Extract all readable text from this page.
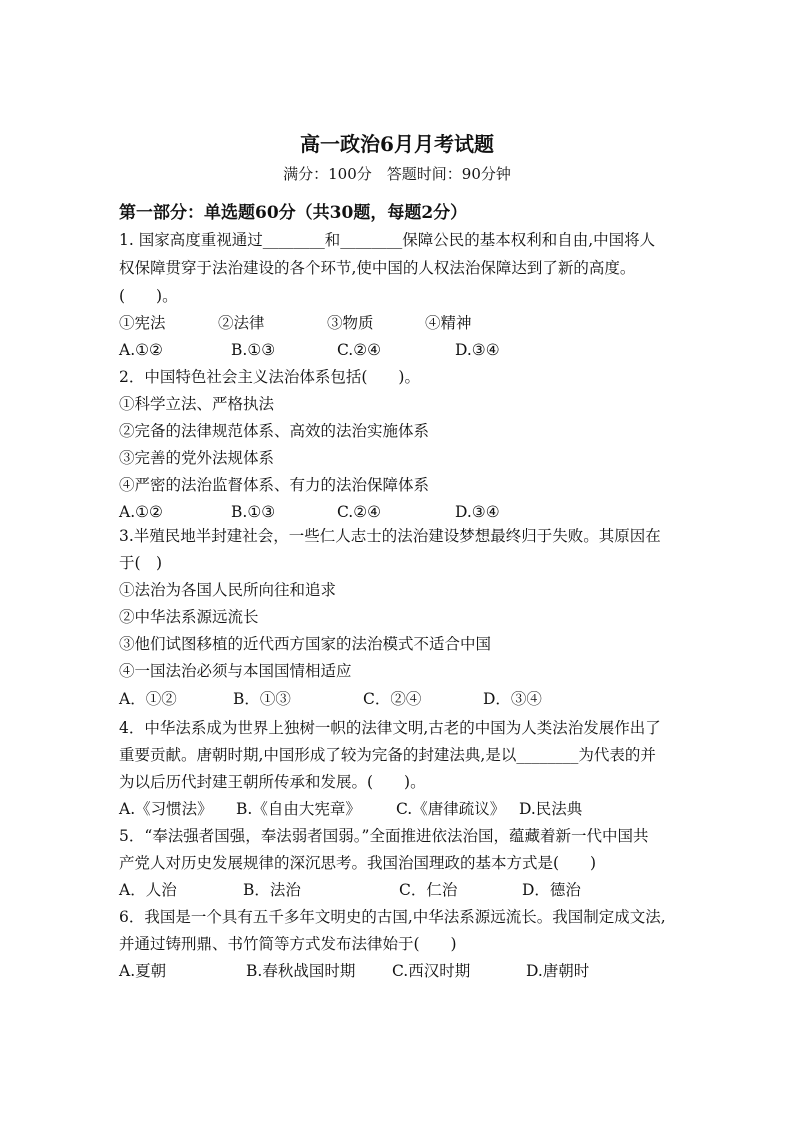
高一政治6月月考试题
满分：100分　答题时间：90分钟
第一部分：单选题60分（共30题，每题2分）
1. 国家高度重视通过________和________保障公民的基本权利和自由,中国将人
权保障贯穿于法治建设的各个环节,使中国的人权法治保障达到了新的高度。
(　　)。
①宪法	②法律	③物质	④精神
A.①②	B.①③	C.②④	D.③④
2．中国特色社会主义法治体系包括(　　)。
①科学立法、严格执法
②完备的法律规范体系、高效的法治实施体系
③完善的党外法规体系
④严密的法治监督体系、有力的法治保障体系
A.①②	B.①③	C.②④	D.③④
3.半殖民地半封建社会，一些仁人志士的法治建设梦想最终归于失败。其原因在
于(　)
①法治为各国人民所向往和追求
②中华法系源远流长
③他们试图移植的近代西方国家的法治模式不适合中国
④一国法治必须与本国国情相适应
A．①②	B．①③	C．②④	D．③④
4．中华法系成为世界上独树一帜的法律文明,古老的中国为人类法治发展作出了
重要贡献。唐朝时期,中国形成了较为完备的封建法典,是以________为代表的并
为以后历代封建王朝所传承和发展。(　　)。
A.《习惯法》 B.《自由大宪章》 C.《唐律疏议》 D.民法典
5．“奉法强者国强，奉法弱者国弱。”全面推进依法治国，蕴藏着新一代中国共
产党人对历史发展规律的深沉思考。我国治国理政的基本方式是(　　)
A．人治	B．法治	C．仁治	D．德治
6．我国是一个具有五千多年文明史的古国,中华法系源远流长。我国制定成文法,
并通过铸刑鼎、书竹简等方式发布法律始于(　　)
A.夏朝	B.春秋战国时期 C.西汉时期	D.唐朝时
